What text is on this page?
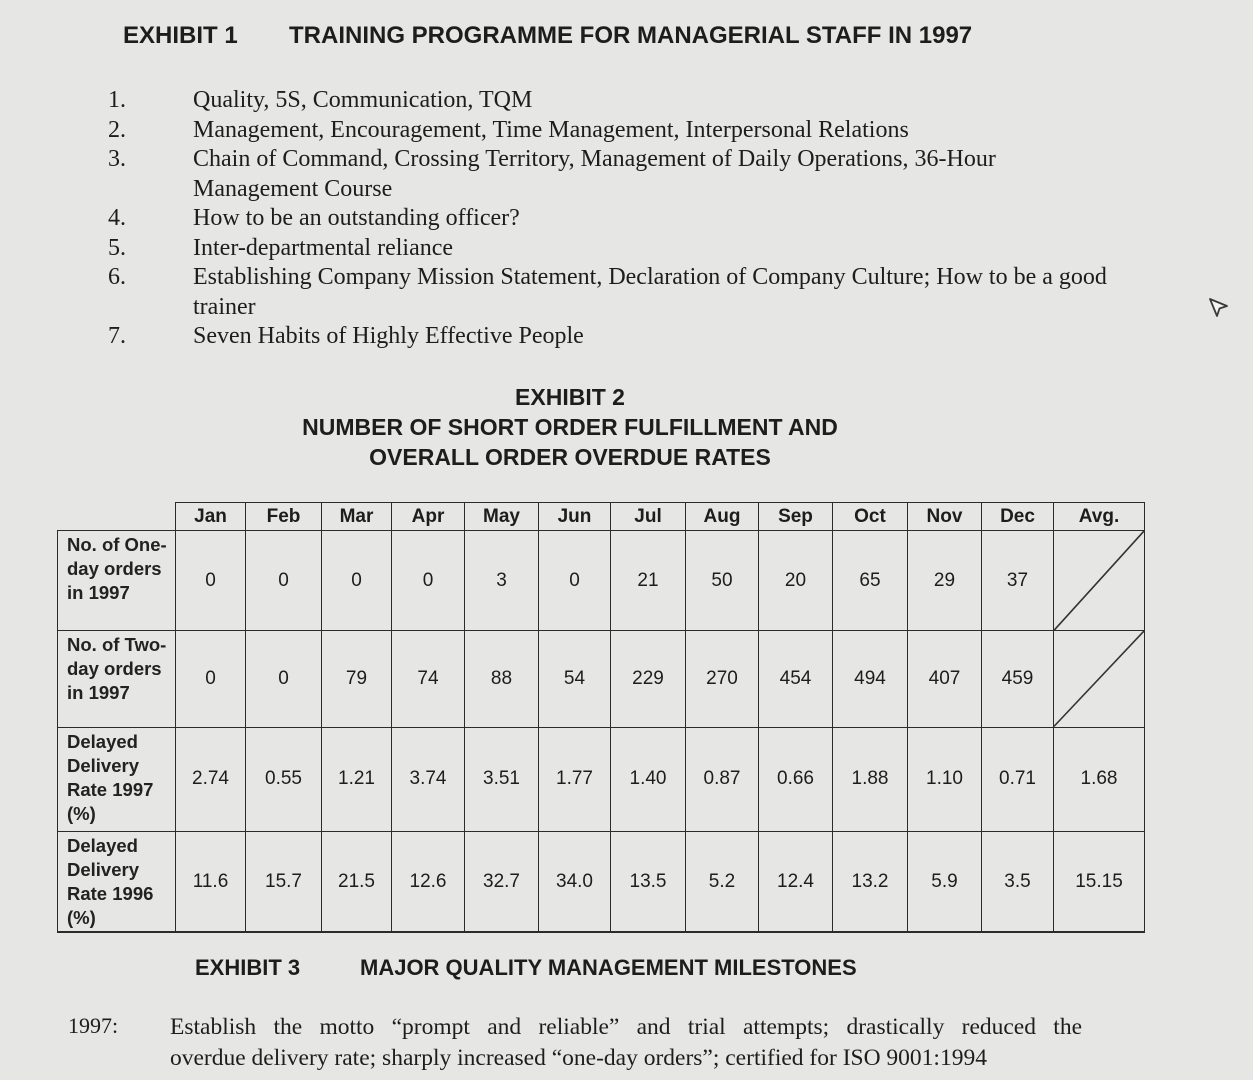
EXHIBIT 1 TRAINING PROGRAMME FOR MANAGERIAL STAFF IN 1997
1.	Quality, 5S, Communication, TQM
2.	Management, Encouragement, Time Management, Interpersonal Relations
3.	Chain of Command, Crossing Territory, Management of Daily Operations, 36-Hour Management Course
4.	How to be an outstanding officer?
5.	Inter-departmental reliance
6.	Establishing Company Mission Statement, Declaration of Company Culture; How to be a good trainer
7.	Seven Habits of Highly Effective People
EXHIBIT 2
NUMBER OF SHORT ORDER FULFILLMENT AND
OVERALL ORDER OVERDUE RATES
	Jan	Feb	Mar	Apr	May	Jun	Jul	Aug	Sep	Oct	Nov	Dec	Avg.
No. of One-day orders in 1997	0	0	0	0	3	0	21	50	20	65	29	37	

No. of Two-day orders in 1997	0	0	79	74	88	54	229	270	454	494	407	459	

Delayed Delivery Rate 1997 (%)	2.74	0.55	1.21	3.74	3.51	1.77	1.40	0.87	0.66	1.88	1.10	0.71	1.68
Delayed Delivery Rate 1996 (%)	11.6	15.7	21.5	12.6	32.7	34.0	13.5	5.2	12.4	13.2	5.9	3.5	15.15
EXHIBIT 3	MAJOR QUALITY MANAGEMENT MILESTONES
1997: Establish the motto “prompt and reliable” and trial attempts; drastically reduced the
overdue delivery rate; sharply increased “one-day orders”; certified for ISO 9001:1994
